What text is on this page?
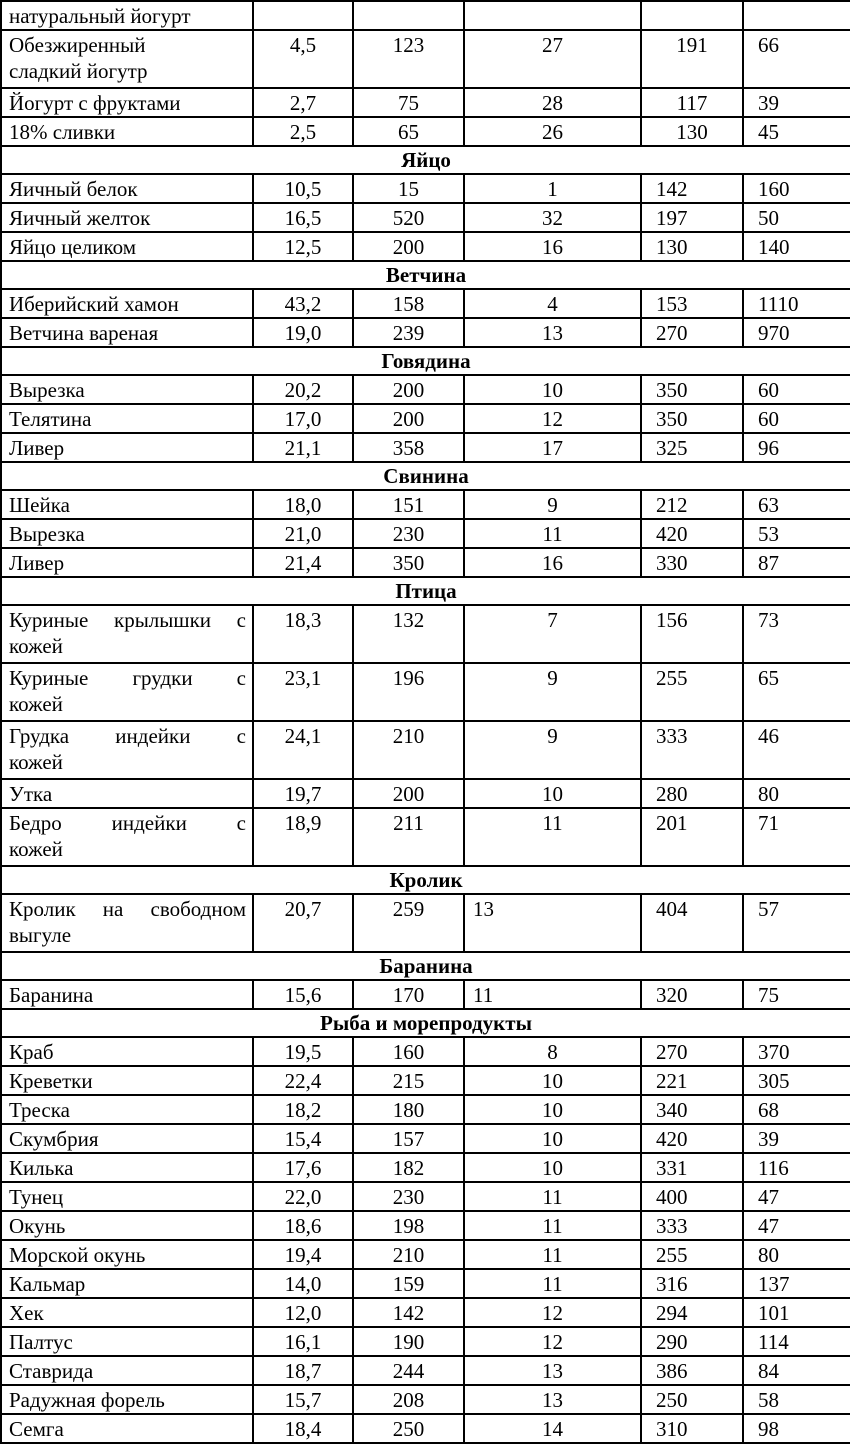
натуральный йогурт					

Обезжиренный
сладкий йогутр	4,5	123	27	191	66

Йогурт с фруктами	2,7	75	28	117	39

18% сливки	2,5	65	26	130	45
Яйцо					

Яичный белок	10,5	15	1	142	160

Яичный желток	16,5	520	32	197	50

Яйцо целиком	12,5	200	16	130	140
Ветчина					

Иберийский хамон	43,2	158	4	153	1110

Ветчина вареная	19,0	239	13	270	970
Говядина					

Вырезка	20,2	200	10	350	60

Телятина	17,0	200	12	350	60

Ливер	21,1	358	17	325	96
Свинина					

Шейка	18,0	151	9	212	63

Вырезка	21,0	230	11	420	53

Ливер	21,4	350	16	330	87
Птица					

Куриные крылышки с
кожей	18,3	132	7	156	73

Куриные грудки с
кожей	23,1	196	9	255	65

Грудка индейки с
кожей	24,1	210	9	333	46

Утка	19,7	200	10	280	80

Бедро индейки с
кожей	18,9	211	11	201	71
Кролик					

Кролик на свободном
выгуле	20,7	259	13	404	57
Баранина					

Баранина	15,6	170	11	320	75
Рыба и морепродукты					

Краб	19,5	160	8	270	370

Креветки	22,4	215	10	221	305

Треска	18,2	180	10	340	68

Скумбрия	15,4	157	10	420	39

Килька	17,6	182	10	331	116

Тунец	22,0	230	11	400	47

Окунь	18,6	198	11	333	47

Морской окунь	19,4	210	11	255	80

Кальмар	14,0	159	11	316	137

Хек	12,0	142	12	294	101

Палтус	16,1	190	12	290	114

Ставрида	18,7	244	13	386	84

Радужная форель	15,7	208	13	250	58

Семга	18,4	250	14	310	98
